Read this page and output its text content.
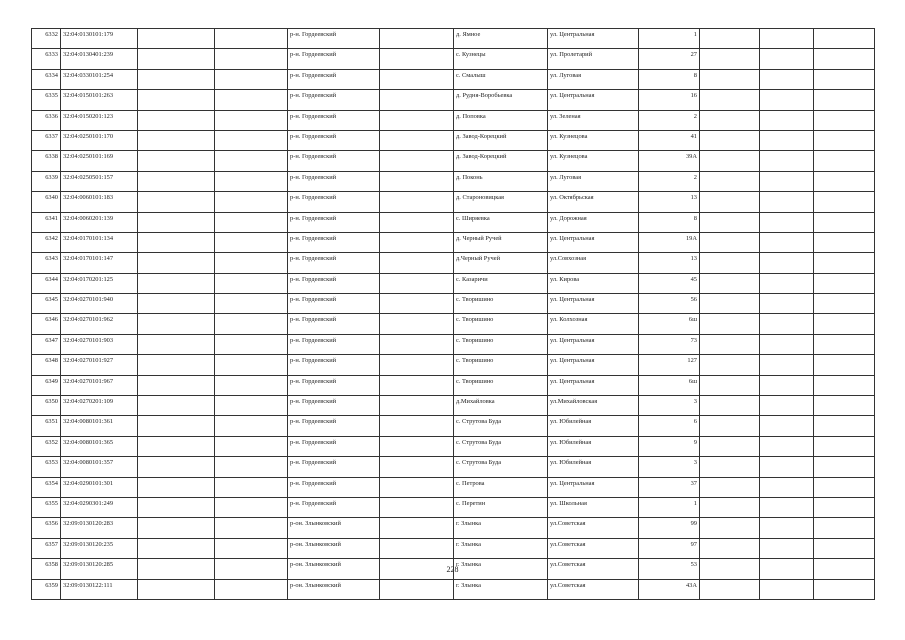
6332	32:04:0130101:179			р-н. Гордеевский		д. Ямное	ул. Центральная	1			
6333	32:04:0130401:239			р-н. Гордеевский		с. Кузнецы	ул. Пролетарий	27			
6334	32:04:0330101:254			р-н. Гордеевский		с. Смалыш	ул. Луговая	8			
6335	32:04:0150101:263			р-н. Гордеевский		д. Рудня-Воробьевка	ул. Центральная	16			
6336	32:04:0150201:123			р-н. Гордеевский		д. Поповка	ул. Зеленая	2			
6337	32:04:0250101:170			р-н. Гордеевский		д. Завод-Корецкий	ул. Кузнецова	41			
6338	32:04:0250101:169			р-н. Гордеевский		д. Завод-Корецкий	ул. Кузнецова	39А			
6339	32:04:0250501:157			р-н. Гордеевский		д. Поконь	ул. Луговая	2			
6340	32:04:0060101:183			р-н. Гордеевский		д. Староновицкая	ул. Октябрьская	13			
6341	32:04:0060201:139			р-н. Гордеевский		с. Ширяевка	ул. Дорожная	8			
6342	32:04:0170101:134			р-н. Гордеевский		д. Черный Ручей	ул. Центральная	19А			
6343	32:04:0170101:147			р-н. Гордеевский		д.Черный Ручей	ул.Совхозная	13			
6344	32:04:0170201:125			р-н. Гордеевский		с. Казаричи	ул. Кирова	45			
6345	32:04:0270101:940			р-н. Гордеевский		с. Творишино	ул. Центральная	56			
6346	32:04:0270101:962			р-н. Гордеевский		с. Творишино	ул. Колхозная	6ш			
6347	32:04:0270101:903			р-н. Гордеевский		с. Творишино	ул. Центральная	73			
6348	32:04:0270101:927			р-н. Гордеевский		с. Творишино	ул. Центральная	127			
6349	32:04:0270101:967			р-н. Гордеевский		с. Творишино	ул. Центральная	6ш			
6350	32:04:0270201:109			р-н. Гордеевский		д.Михайловка	ул.Михайловская	3			
6351	32:04:0080101:361			р-н. Гордеевский		с. Струтова Буда	ул. Юбилейная	6			
6352	32:04:0080101:365			р-н. Гордеевский		с. Струтова Буда	ул. Юбилейная	9			
6353	32:04:0080101:357			р-н. Гордеевский		с. Струтова Буда	ул. Юбилейная	3			
6354	32:04:0290101:301			р-н. Гордеевский		с. Петрова	ул. Центральная	37			
6355	32:04:0290301:249			р-н. Гордеевский		с. Перетин	ул. Школьная	1			
6356	32:09:0130120:283			р-он. Злынковский		г. Злынка	ул.Советская	99			
6357	32:09:0130120:235			р-он. Злынковский		г. Злынка	ул.Советская	97			
6358	32:09:0130120:285			р-он. Злынковский		г. Злынка	ул.Советская	53			
6359	32:09:0130122:111			р-он. Злынковский		г. Злынка	ул.Советская	43А			
228
